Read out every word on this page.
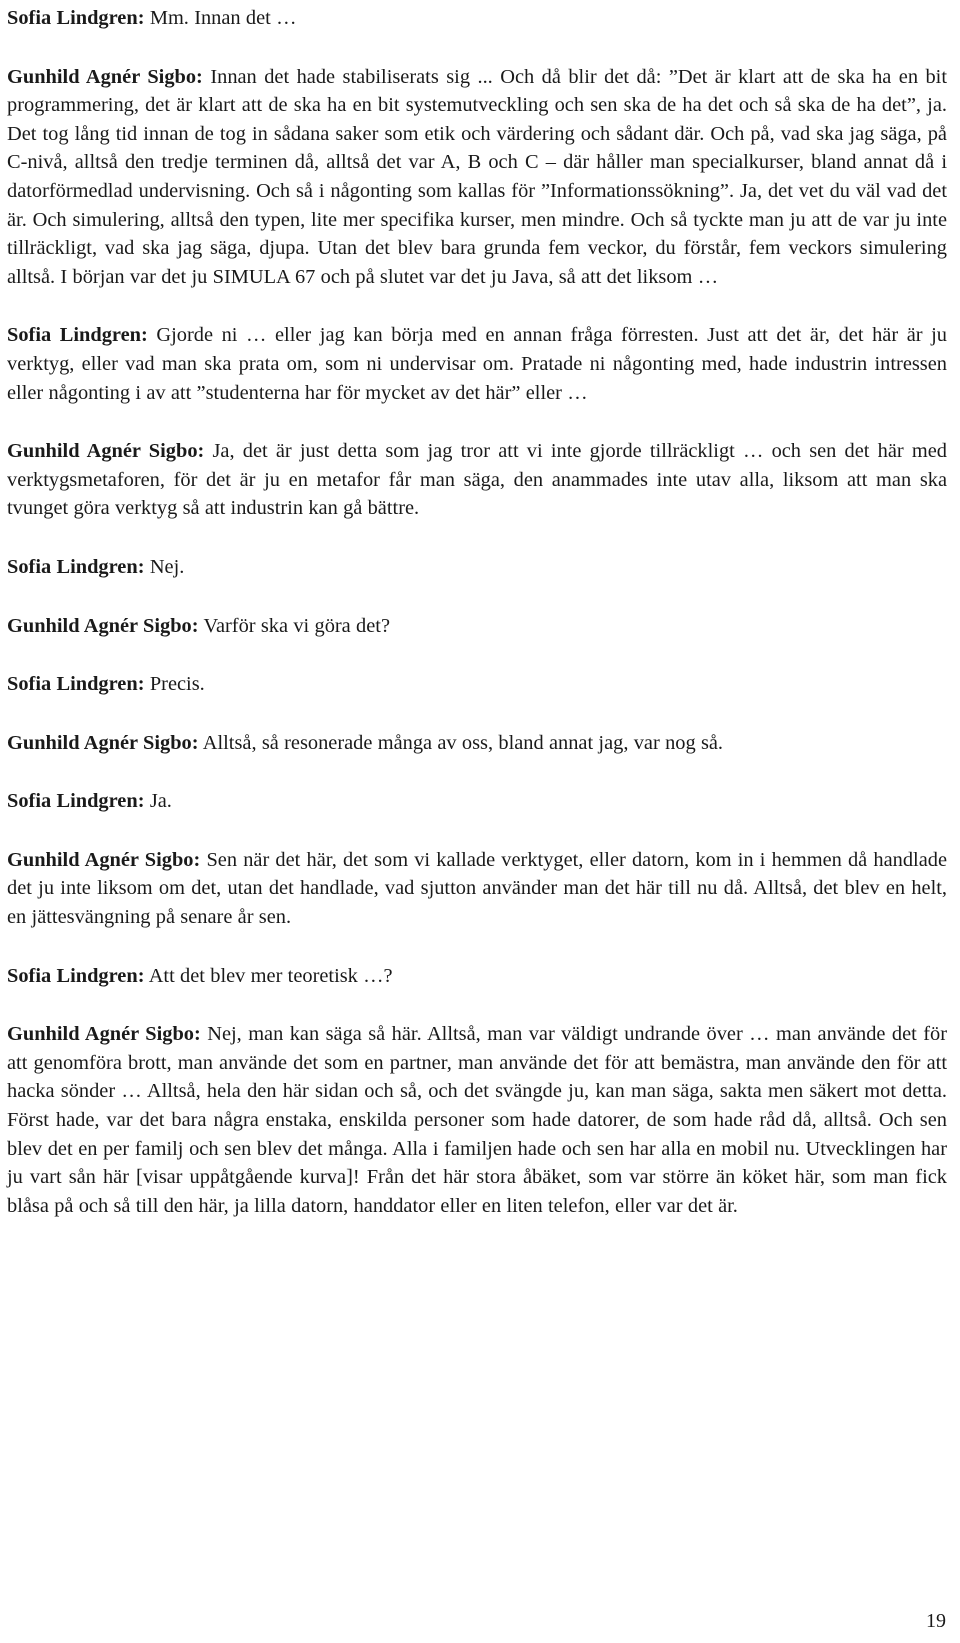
Sofia Lindgren: Mm. Innan det …

Gunhild Agnér Sigbo: Innan det hade stabiliserats sig ... Och då blir det då: ”Det är klart att de ska ha en bit programmering, det är klart att de ska ha en bit systemutveckling och sen ska de ha det och så ska de ha det”, ja. Det tog lång tid innan de tog in sådana saker som etik och värdering och sådant där. Och på, vad ska jag säga, på C-nivå, alltså den tredje terminen då, alltså det var A, B och C – där håller man specialkurser, bland annat då i datorförmedlad undervisning. Och så i någonting som kallas för ”Informationssökning”. Ja, det vet du väl vad det är. Och simulering, alltså den typen, lite mer specifika kurser, men mindre. Och så tyckte man ju att de var ju inte tillräckligt, vad ska jag säga, djupa. Utan det blev bara grunda fem veckor, du förstår, fem veckors simulering alltså. I början var det ju SIMULA 67 och på slutet var det ju Java, så att det liksom …

Sofia Lindgren: Gjorde ni … eller jag kan börja med en annan fråga förresten. Just att det är, det här är ju verktyg, eller vad man ska prata om, som ni undervisar om. Pratade ni någonting med, hade industrin intressen eller någonting i av att ”studenterna har för mycket av det här” eller …

Gunhild Agnér Sigbo: Ja, det är just detta som jag tror att vi inte gjorde tillräckligt … och sen det här med verktygsmetaforen, för det är ju en metafor får man säga, den anammades inte utav alla, liksom att man ska tvunget göra verktyg så att industrin kan gå bättre.

Sofia Lindgren: Nej.

Gunhild Agnér Sigbo: Varför ska vi göra det?

Sofia Lindgren: Precis.

Gunhild Agnér Sigbo: Alltså, så resonerade många av oss, bland annat jag, var nog så.

Sofia Lindgren: Ja.

Gunhild Agnér Sigbo: Sen när det här, det som vi kallade verktyget, eller datorn, kom in i hemmen då handlade det ju inte liksom om det, utan det handlade, vad sjutton använder man det här till nu då. Alltså, det blev en helt, en jättesvängning på senare år sen.

Sofia Lindgren: Att det blev mer teoretisk …?

Gunhild Agnér Sigbo: Nej, man kan säga så här. Alltså, man var väldigt undrande över … man använde det för att genomföra brott, man använde det som en partner, man använde det för att bemästra, man använde den för att hacka sönder … Alltså, hela den här sidan och så, och det svängde ju, kan man säga, sakta men säkert mot detta. Först hade, var det bara några enstaka, enskilda personer som hade datorer, de som hade råd då, alltså. Och sen blev det en per familj och sen blev det många. Alla i familjen hade och sen har alla en mobil nu. Utvecklingen har ju vart sån här [visar uppåtgående kurva]! Från det här stora åbäket, som var större än köket här, som man fick blåsa på och så till den här, ja lilla datorn, handdator eller en liten telefon, eller var det är.

19
